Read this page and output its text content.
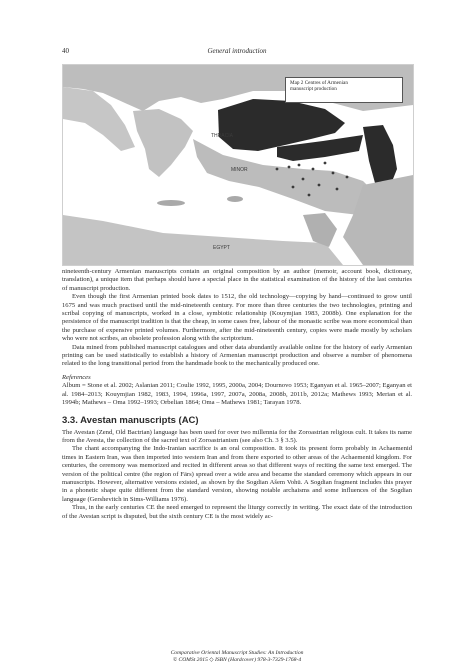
40	General introduction
THRACIA
MINOR
EGYPT
Map 2 Centres of Armenian
manuscript production

nineteenth-century Armenian manuscripts contain an original composition by an author (memoir, account book, dictionary, translation), a unique item that perhaps should have a special place in the statistical examination of the history of the last centuries of manuscript production.

Even though the first Armenian printed book dates to 1512, the old technology—copying by hand—continued to grow until 1675 and was much practised until the mid-nineteenth century. For more than three centuries the two technologies, printing and scribal copying of manuscripts, worked in a close, symbiotic relationship (Kouymjian 1983, 2008b). One explanation for the persistence of the manuscript tradition is that the cheap, in some cases free, labour of the monastic scribe was more economical than the purchase of expensive printed volumes. Furthermore, after the mid-nineteenth century, copies were made mostly by scholars who were not scribes, an obsolete profession along with the scriptorium.

Data mined from published manuscript catalogues and other data abundantly available online for the history of early Armenian printing can be used statistically to establish a history of Armenian manuscript production and observe a number of phenomena related to the long transitional period from the handmade book to the mechanically produced one.

References

Album = Stone et al. 2002; Aslanian 2011; Coulie 1992, 1995, 2000a, 2004; Dournovo 1953; Eganyan et al. 1965–2007; Eganyan et al. 1984–2013; Kouymjian 1982, 1983, 1994, 1996a, 1997, 2007a, 2008a, 2008b, 2011b, 2012a; Mathews 1993; Merian et al. 1994b; Mathews – Oma 1992–1993; Orbelian 1864; Oma – Mathews 1981; Tarayan 1978.

3.3. Avestan manuscripts (AC)

The Avestan (Zend, Old Bactrian) language has been used for over two millennia for the Zoroastrian religious cult. It takes its name from the Avesta, the collection of the sacred text of Zoroastrianism (see also Ch. 3 § 3.5).

The chant accompanying the Indo-Iranian sacrifice is an oral composition. It took its present form probably in Achaemenid times in Eastern Iran, was then imported into western Iran and from there exported to other areas of the Achaemenid kingdom. For centuries, the ceremony was memorized and recited in different areas so that different ways of reciting the same text emerged. The version of the political centre (the region of Fārs) spread over a wide area and became the standard ceremony which appears in our manuscripts. However, alternative versions existed, as shown by the Sogdian Ašem Vohū. A Sogdian fragment includes this prayer in a phonetic shape quite different from the standard version, showing notable archaisms and some influences of the Sogdian language (Gershevitch in Sims-Williams 1976).

Thus, in the early centuries CE the need emerged to represent the liturgy correctly in writing. The exact date of the introduction of the Avestan script is disputed, but the sixth century CE is the most widely ac-

Comparative Oriental Manuscript Studies: An Introduction
© COMSt 2015 ◇ ISBN (Hardcover) 978-3-7329-1768-4
